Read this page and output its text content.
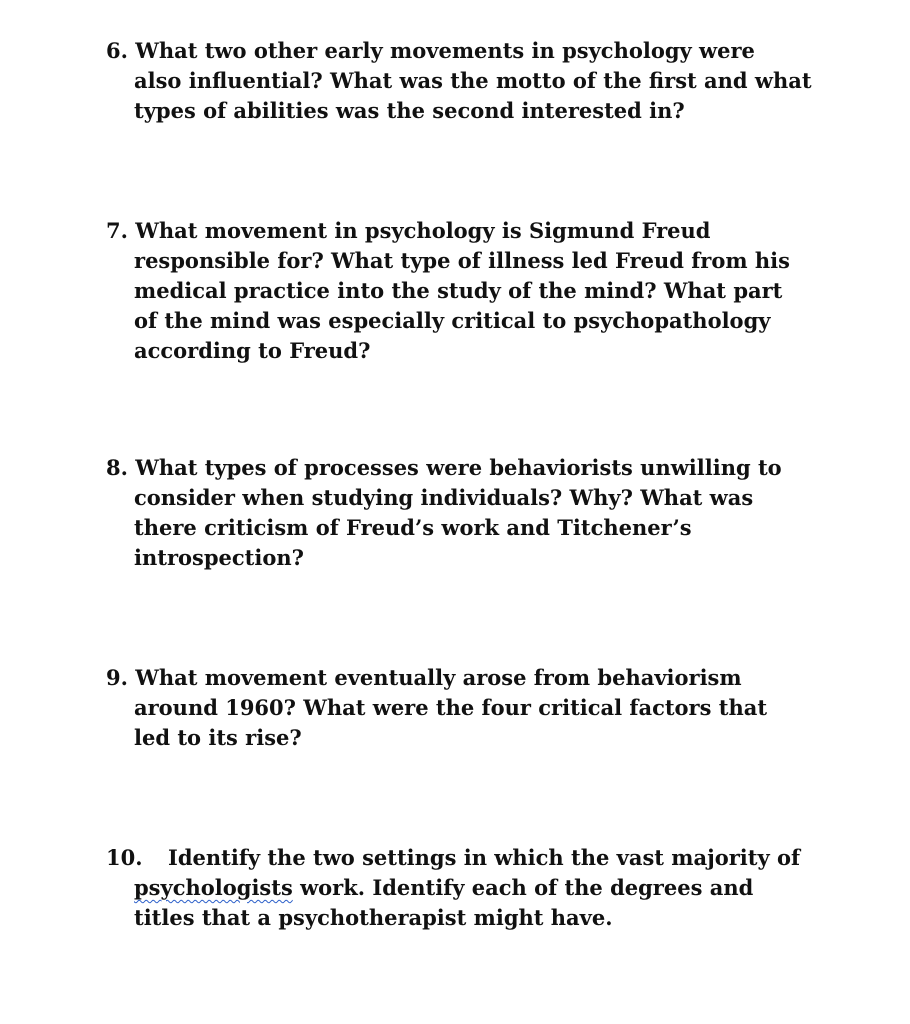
6. What two other early movements in psychology were
also influential? What was the motto of the first and what
types of abilities was the second interested in?
7. What movement in psychology is Sigmund Freud
responsible for? What type of illness led Freud from his
medical practice into the study of the mind? What part
of the mind was especially critical to psychopathology
according to Freud?
8. What types of processes were behaviorists unwilling to
consider when studying individuals? Why? What was
there criticism of Freud’s work and Titchener’s
introspection?
9. What movement eventually arose from behaviorism
around 1960? What were the four critical factors that
led to its rise?
10. Identify the two settings in which the vast majority of
psychologists work. Identify each of the degrees and
titles that a psychotherapist might have.
